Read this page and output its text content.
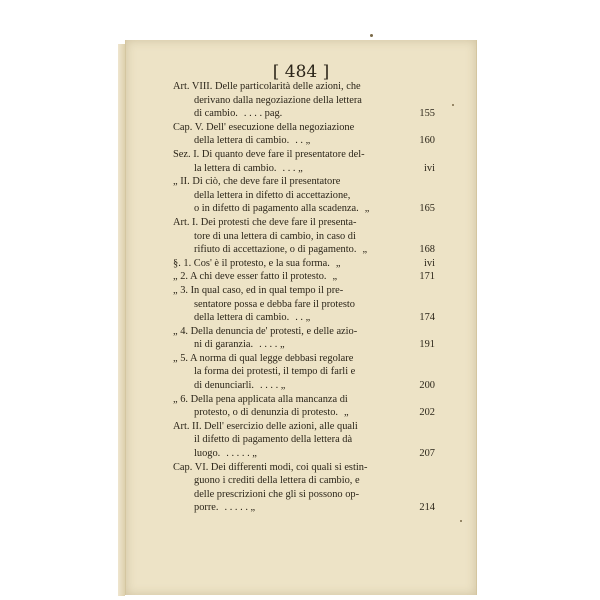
[ 484 ]
Art. VIII. Delle particolarità delle azioni, che
derivano dalla negoziazione della lettera
di cambio. . . . . pag.	155
Cap. V. Dell' esecuzione della negoziazione
della lettera di cambio. . . „	160
Sez. I. Di quanto deve fare il presentatore del-
la lettera di cambio. . . . „	ivi
„ II. Di ciò, che deve fare il presentatore
della lettera in difetto di accettazione,
o in difetto di pagamento alla scadenza. „	165
Art. I. Dei protesti che deve fare il presenta-
tore di una lettera di cambio, in caso di
rifiuto di accettazione, o di pagamento. „	168
§. 1. Cos' è il protesto, e la sua forma. „	ivi
„ 2. A chi deve esser fatto il protesto. „	171
„ 3. In qual caso, ed in qual tempo il pre-
sentatore possa e debba fare il protesto
della lettera di cambio. . . „	174
„ 4. Della denuncia de' protesti, e delle azio-
ni di garanzia. . . . . „	191
„ 5. A norma di qual legge debbasi regolare
la forma dei protesti, il tempo di farli e
di denunciarli. . . . . „	200
„ 6. Della pena applicata alla mancanza di
protesto, o di denunzia di protesto. „	202
Art. II. Dell' esercizio delle azioni, alle quali
il difetto di pagamento della lettera dà
luogo. . . . . . „	207
Cap. VI. Dei differenti modi, coi quali si estin-
guono i crediti della lettera di cambio, e
delle prescrizioni che gli si possono op-
porre. . . . . . „	214
